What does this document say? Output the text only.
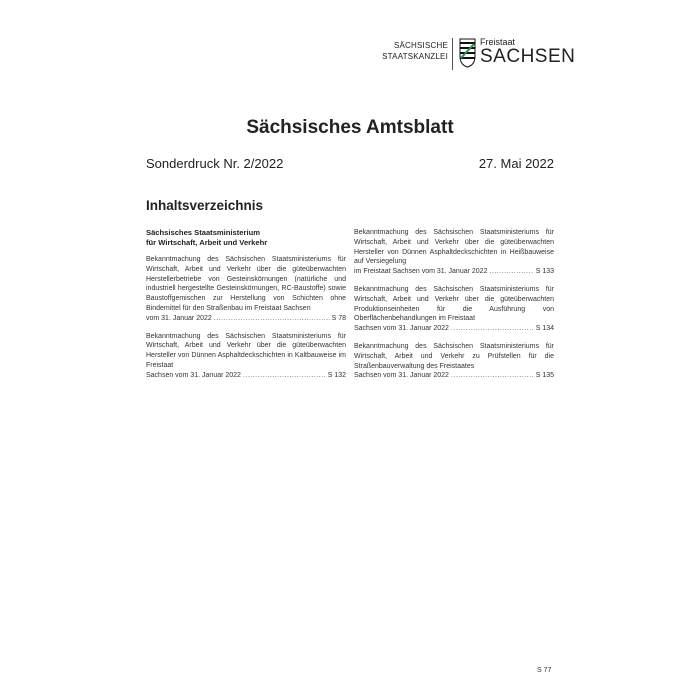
SÄCHSISCHE
STAATSKANZLEI
Freistaat
SACHSEN
Sächsisches Amtsblatt
Sonderdruck Nr. 2/2022	27. Mai 2022
Inhaltsverzeichnis
Sächsisches Staatsministerium
für Wirtschaft, Arbeit und Verkehr
Bekanntmachung des Sächsischen Staatsministeriums für Wirtschaft, Arbeit und Verkehr über die güteüberwachten Herstellerbetriebe von Gesteinskörnungen (natürliche und industriell hergestellte Gesteinskörnungen, RC-Baustoffe) sowie Baustoffgemischen zur Herstellung von Schichten ohne Bindemittel für den Straßenbau im Freistaat Sachsen
vom 31. Januar 2022 .....	S 78
Bekanntmachung des Sächsischen Staatsministeriums für Wirtschaft, Arbeit und Verkehr über die güteüberwachten Hersteller von Dünnen Asphaltdeckschichten in Kaltbauweise im Freistaat
Sachsen vom 31. Januar 2022 .....	S 132
Bekanntmachung des Sächsischen Staatsministeriums für Wirtschaft, Arbeit und Verkehr über die güteüberwachten Hersteller von Dünnen Asphaltdeckschichten in Heißbauweise auf Versiegelung
im Freistaat Sachsen vom 31. Januar 2022 .....	S 133
Bekanntmachung des Sächsischen Staatsministeriums für Wirtschaft, Arbeit und Verkehr über die güteüberwachten Produktionseinheiten für die Ausführung von Oberflächenbehandlungen im Freistaat
Sachsen vom 31. Januar 2022 .....	S 134
Bekanntmachung des Sächsischen Staatsministeriums für Wirtschaft, Arbeit und Verkehr zu Prüfstellen für die Straßenbauverwaltung des Freistaates
Sachsen vom 31. Januar 2022 .....	S 135
S 77
